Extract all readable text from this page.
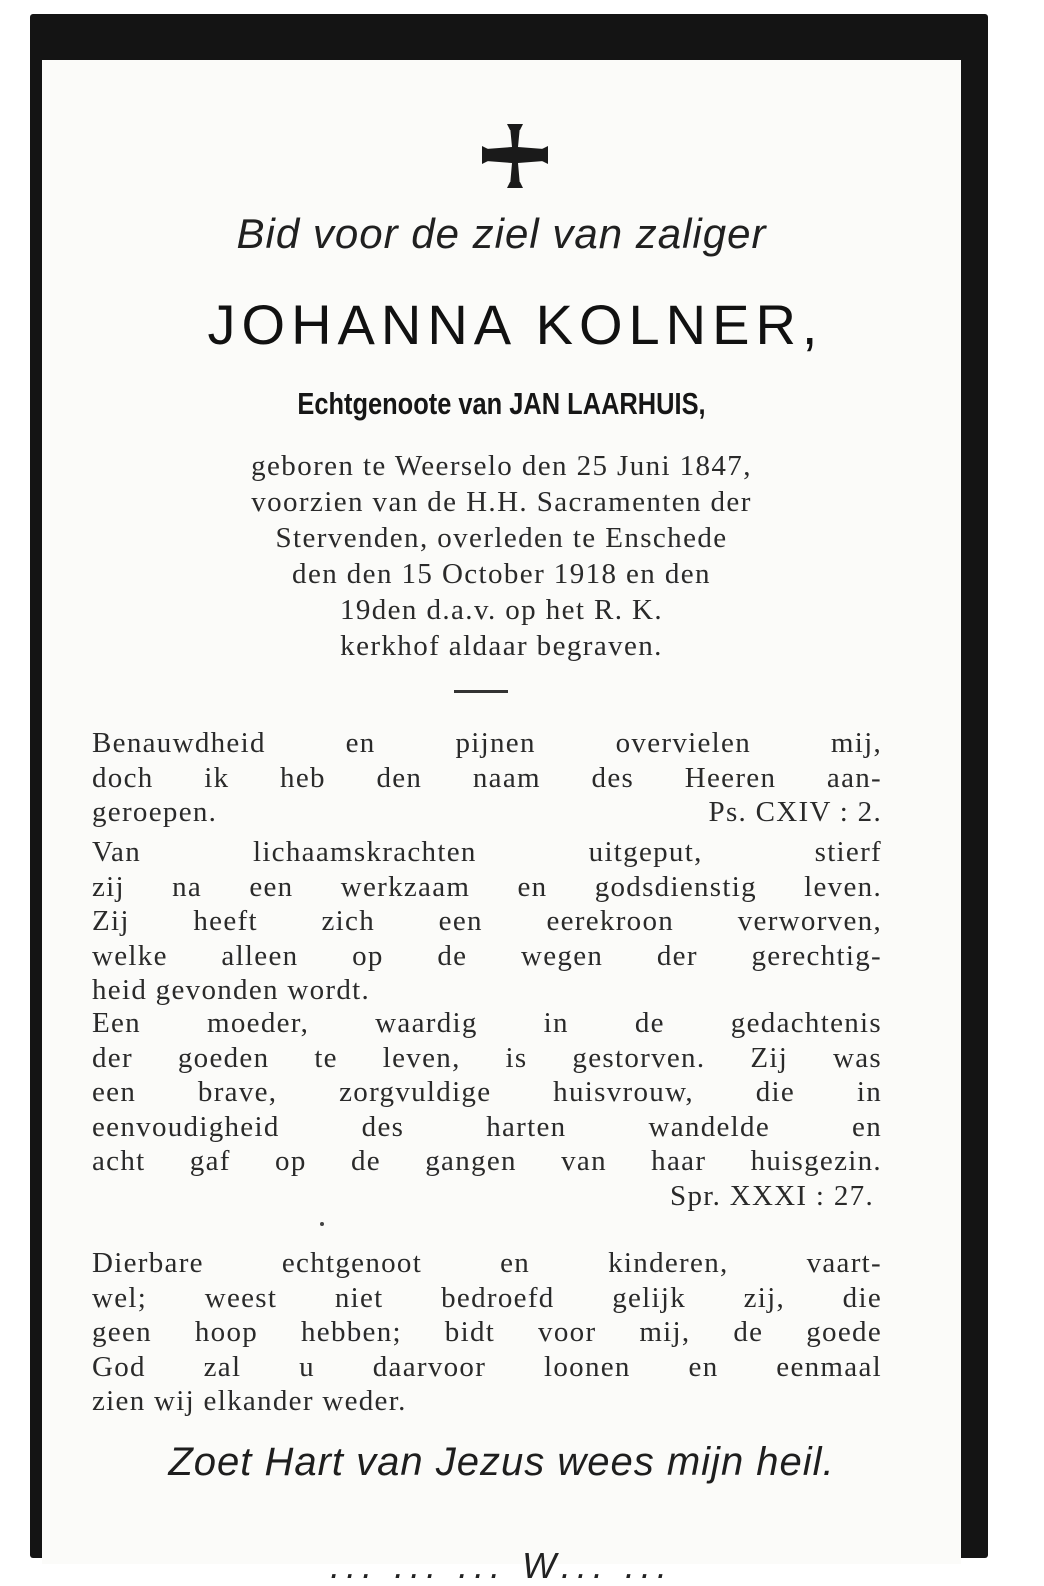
Bid voor de ziel van zaliger
JOHANNA KOLNER,
Echtgenoote van JAN LAARHUIS,
geboren te Weerselo den 25 Juni 1847,
voorzien van de H.H. Sacramenten der
Stervenden, overleden te Enschede
den den 15 October 1918 en den
19den d.a.v. op het R. K.
kerkhof aldaar begraven.
Benauwdheid en pijnen overvielen mij,
doch ik heb den naam des Heeren aan-
geroepen.	Ps. CXIV : 2.
Van lichaamskrachten uitgeput, stierf
zij na een werkzaam en godsdienstig leven.
Zij heeft zich een eerekroon verworven,
welke alleen op de wegen der gerechtig-
heid gevonden wordt.
Een moeder, waardig in de gedachtenis
der goeden te leven, is gestorven. Zij was
een brave, zorgvuldige huisvrouw, die in
eenvoudigheid des harten wandelde en
acht gaf op de gangen van haar huisgezin.
Spr. XXXI : 27.
Dierbare echtgenoot en kinderen, vaart-
wel; weest niet bedroefd gelijk zij, die
geen hoop hebben; bidt voor mij, de goede
God zal u daarvoor loonen en eenmaal
zien wij elkander weder.
Zoet Hart van Jezus wees mijn heil.
... ... ... W... ...
